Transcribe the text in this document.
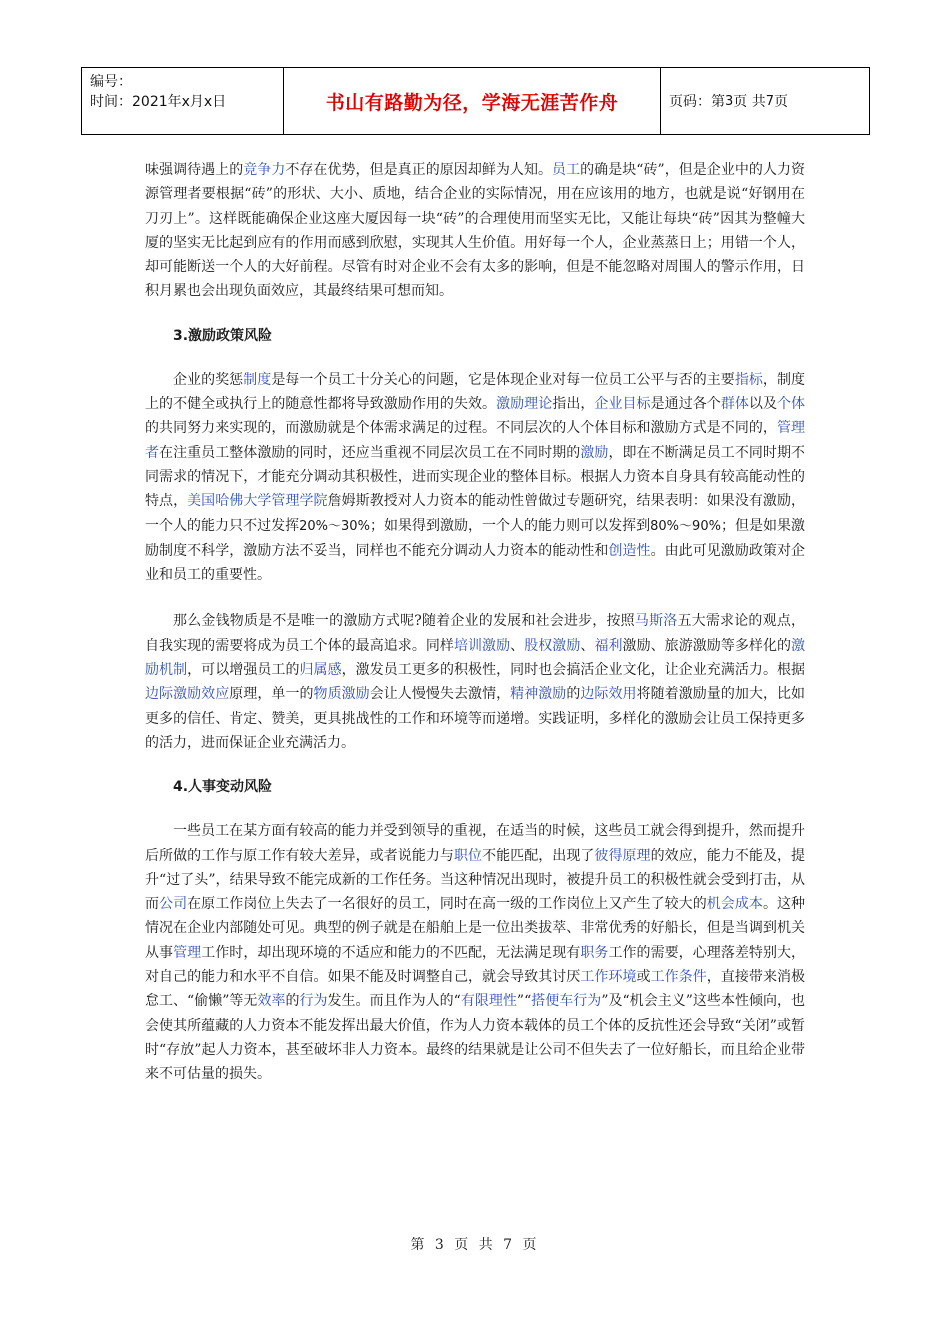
编号：
时间：2021年x月x日	书山有路勤为径，学海无涯苦作舟	页码：第 3 页 共 7 页

味强调待遇上的竞争力不存在优势，但是真正的原因却鲜为人知。员工的确是块“砖”，但是企业中的人力资源管理者要根据“砖”的形状、大小、质地，结合企业的实际情况，用在应该用的地方，也就是说“好钢用在刀刃上”。这样既能确保企业这座大厦因每一块“砖”的合理使用而坚实无比，又能让每块“砖”因其为整幢大厦的坚实无比起到应有的作用而感到欣慰，实现其人生价值。用好每一个人，企业蒸蒸日上；用错一个人，却可能断送一个人的大好前程。尽管有时对企业不会有太多的影响，但是不能忽略对周围人的警示作用，日积月累也会出现负面效应，其最终结果可想而知。

3.激励政策风险

企业的奖惩制度是每一个员工十分关心的问题，它是体现企业对每一位员工公平与否的主要指标，制度上的不健全或执行上的随意性都将导致激励作用的失效。激励理论指出，企业目标是通过各个群体以及个体的共同努力来实现的，而激励就是个体需求满足的过程。不同层次的人个体目标和激励方式是不同的，管理者在注重员工整体激励的同时，还应当重视不同层次员工在不同时期的激励，即在不断满足员工不同时期不同需求的情况下，才能充分调动其积极性，进而实现企业的整体目标。根据人力资本自身具有较高能动性的特点，美国哈佛大学管理学院詹姆斯教授对人力资本的能动性曾做过专题研究，结果表明：如果没有激励，一个人的能力只不过发挥20%～30%；如果得到激励，一个人的能力则可以发挥到80%～90%；但是如果激励制度不科学，激励方法不妥当，同样也不能充分调动人力资本的能动性和创造性。由此可见激励政策对企业和员工的重要性。

那么金钱物质是不是唯一的激励方式呢?随着企业的发展和社会进步，按照马斯洛五大需求论的观点，自我实现的需要将成为员工个体的最高追求。同样培训激励、股权激励、福利激励、旅游激励等多样化的激励机制，可以增强员工的归属感，激发员工更多的积极性，同时也会搞活企业文化，让企业充满活力。根据边际激励效应原理，单一的物质激励会让人慢慢失去激情，精神激励的边际效用将随着激励量的加大，比如更多的信任、肯定、赞美，更具挑战性的工作和环境等而递增。实践证明，多样化的激励会让员工保持更多的活力，进而保证企业充满活力。

4.人事变动风险

一些员工在某方面有较高的能力并受到领导的重视，在适当的时候，这些员工就会得到提升，然而提升后所做的工作与原工作有较大差异，或者说能力与职位不能匹配，出现了彼得原理的效应，能力不能及，提升“过了头”，结果导致不能完成新的工作任务。当这种情况出现时，被提升员工的积极性就会受到打击，从而公司在原工作岗位上失去了一名很好的员工，同时在高一级的工作岗位上又产生了较大的机会成本。这种情况在企业内部随处可见。典型的例子就是在船舶上是一位出类拔萃、非常优秀的好船长，但是当调到机关从事管理工作时，却出现环境的不适应和能力的不匹配，无法满足现有职务工作的需要，心理落差特别大，对自己的能力和水平不自信。如果不能及时调整自己，就会导致其讨厌工作环境或工作条件，直接带来消极怠工、“偷懒”等无效率的行为发生。而且作为人的“有限理性”“搭便车行为”及“机会主义”这些本性倾向，也会使其所蕴藏的人力资本不能发挥出最大价值，作为人力资本载体的员工个体的反抗性还会导致“关闭”或暂时“存放”起人力资本，甚至破坏非人力资本。最终的结果就是让公司不但失去了一位好船长，而且给企业带来不可估量的损失。

第 3 页 共 7 页
